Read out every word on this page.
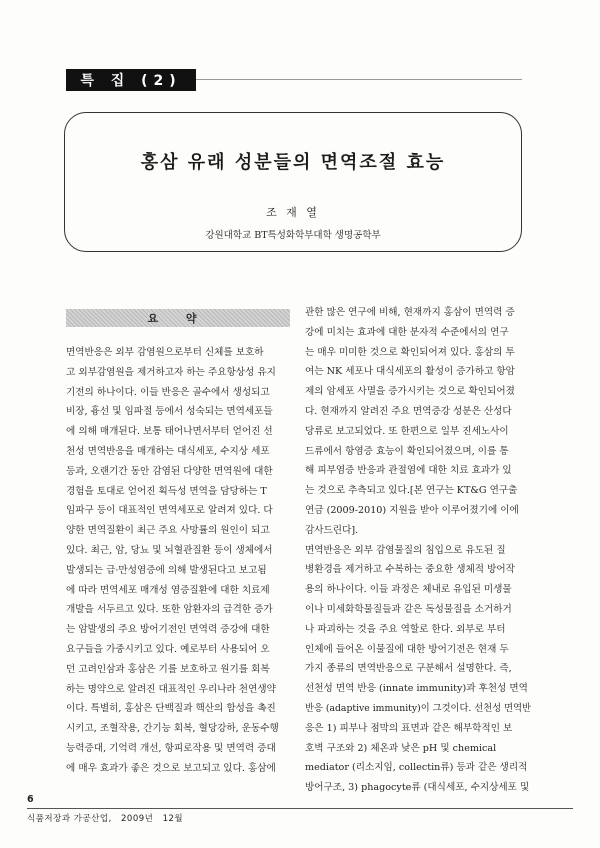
특 집 (2)
홍삼 유래 성분들의 면역조절 효능
조 재 열
강원대학교 BT특성화학부대학 생명공학부
요 약

면역반응은 외부 감염원으로부터 신체를 보호하

고 외부감염원을 제거하고자 하는 주요항상성 유지

기전의 하나이다. 이들 반응은 골수에서 생성되고

비장, 흉선 및 임파절 등에서 성숙되는 면역세포들

에 의해 매개된다. 보통 태어나면서부터 얻어진 선

천성 면역반응을 매개하는 대식세포, 수지상 세포

등과, 오랜기간 동안 감염된 다양한 면역원에 대한

경험을 토대로 얻어진 획득성 면역을 담당하는 T

임파구 등이 대표적인 면역세포로 알려져 있다. 다

양한 면역질환이 최근 주요 사망률의 원인이 되고

있다. 최근, 암, 당뇨 및 뇌혈관질환 등이 생체에서

발생되는 급·만성염증에 의해 발생된다고 보고됨

에 따라 면역세포 매개성 염증질환에 대한 치료제

개발을 서두르고 있다. 또한 암환자의 급격한 증가

는 암발생의 주요 방어기전인 면역력 증강에 대한

요구들을 가중시키고 있다. 예로부터 사용되어 오

던 고려인삼과 홍삼은 기를 보호하고 원기를 회복

하는 명약으로 알려진 대표적인 우리나라 천연생약

이다. 특별히, 홍삼은 단백질과 핵산의 합성을 촉진

시키고, 조혈작용, 간기능 회복, 혈당강하, 운동수행

능력증대, 기억력 개선, 항피로작용 및 면역력 증대

에 매우 효과가 좋은 것으로 보고되고 있다. 홍삼에

관한 많은 연구에 비해, 현재까지 홍삼이 면역력 증

강에 미치는 효과에 대한 분자적 수준에서의 연구

는 매우 미미한 것으로 확인되어져 있다. 홍삼의 투

여는 NK 세포나 대식세포의 활성이 증가하고 항암

제의 암세포 사멸을 증가시키는 것으로 확인되어졌

다. 현재까지 알려진 주요 면역증강 성분은 산성다

당류로 보고되었다. 또 한편으로 일부 진세노사이

드류에서 항염증 효능이 확인되어졌으며, 이를 통

해 피부염증 반응과 관절염에 대한 치료 효과가 있

는 것으로 추측되고 있다.[본 연구는 KT&G 연구출

연금 (2009-2010) 지원을 받아 이루어졌기에 이에

감사드린다].

면역반응은 외부 감염물질의 침입으로 유도된 질

병환경을 제거하고 수복하는 중요한 생체적 방어작

용의 하나이다. 이들 과정은 체내로 유입된 미생물

이나 미세화학물질들과 같은 독성물질을 소거하거

나 파괴하는 것을 주요 역할로 한다. 외부로 부터

인체에 들어온 이물질에 대한 방어기전은 현재 두

가지 종류의 면역반응으로 구분해서 설명한다. 즉,

선천성 면역 반응 (innate immunity)과 후천성 면역

반응 (adaptive immunity)이 그것이다. 선천성 면역반

응은 1) 피부나 점막의 표면과 같은 해부학적인 보

호벽 구조와 2) 체온과 낮은 pH 및 chemical

mediator (리소지임, collectin류) 등과 같은 생리적

방어구조, 3) phagocyte류 (대식세포, 수지상세포 및

6
식품저장과 가공산업, 2009년 12월
